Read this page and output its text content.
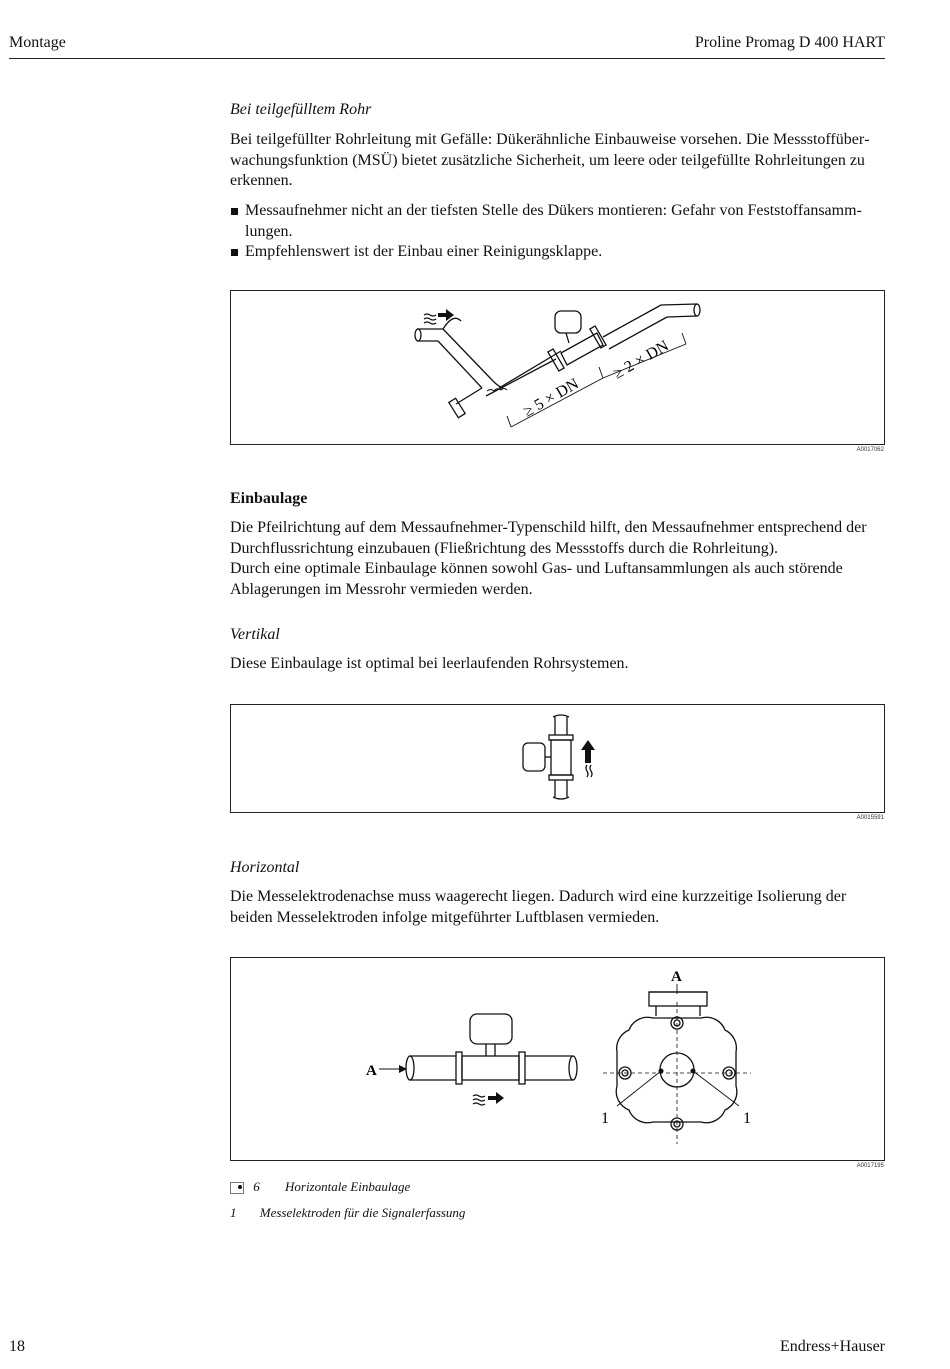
Montage	Proline Promag D 400 HART
Bei teilgefülltem Rohr

Bei teilgefüllter Rohrleitung mit Gefälle: Dükerähnliche Einbauweise vorsehen. Die Messstoffüberwachungsfunktion (MSÜ) bietet zusätzliche Sicherheit, um leere oder teilgefüllte Rohrleitungen zu erkennen.

Messaufnehmer nicht an der tiefsten Stelle des Dükers montieren: Gefahr von Feststoffansammlungen.
Empfehlenswert ist der Einbau einer Reinigungsklappe.
≥ 5 × DN
≥ 2 × DN
A0017062
Einbaulage

Die Pfeilrichtung auf dem Messaufnehmer-Typenschild hilft, den Messaufnehmer entsprechend der Durchflussrichtung einzubauen (Fließrichtung des Messstoffs durch die Rohrleitung).

Durch eine optimale Einbaulage können sowohl Gas- und Luftansammlungen als auch störende Ablagerungen im Messrohr vermieden werden.

Vertikal

Diese Einbaulage ist optimal bei leerlaufenden Rohrsystemen.

A0015591
Horizontal

Die Messelektrodenachse muss waagerecht liegen. Dadurch wird eine kurzzeitige Isolierung der beiden Messelektroden infolge mitgeführter Luftblasen vermieden.

A
A
1	1
A0017195
6 Horizontale Einbaulage
1 Messelektroden für die Signalerfassung
18	Endress+Hauser
